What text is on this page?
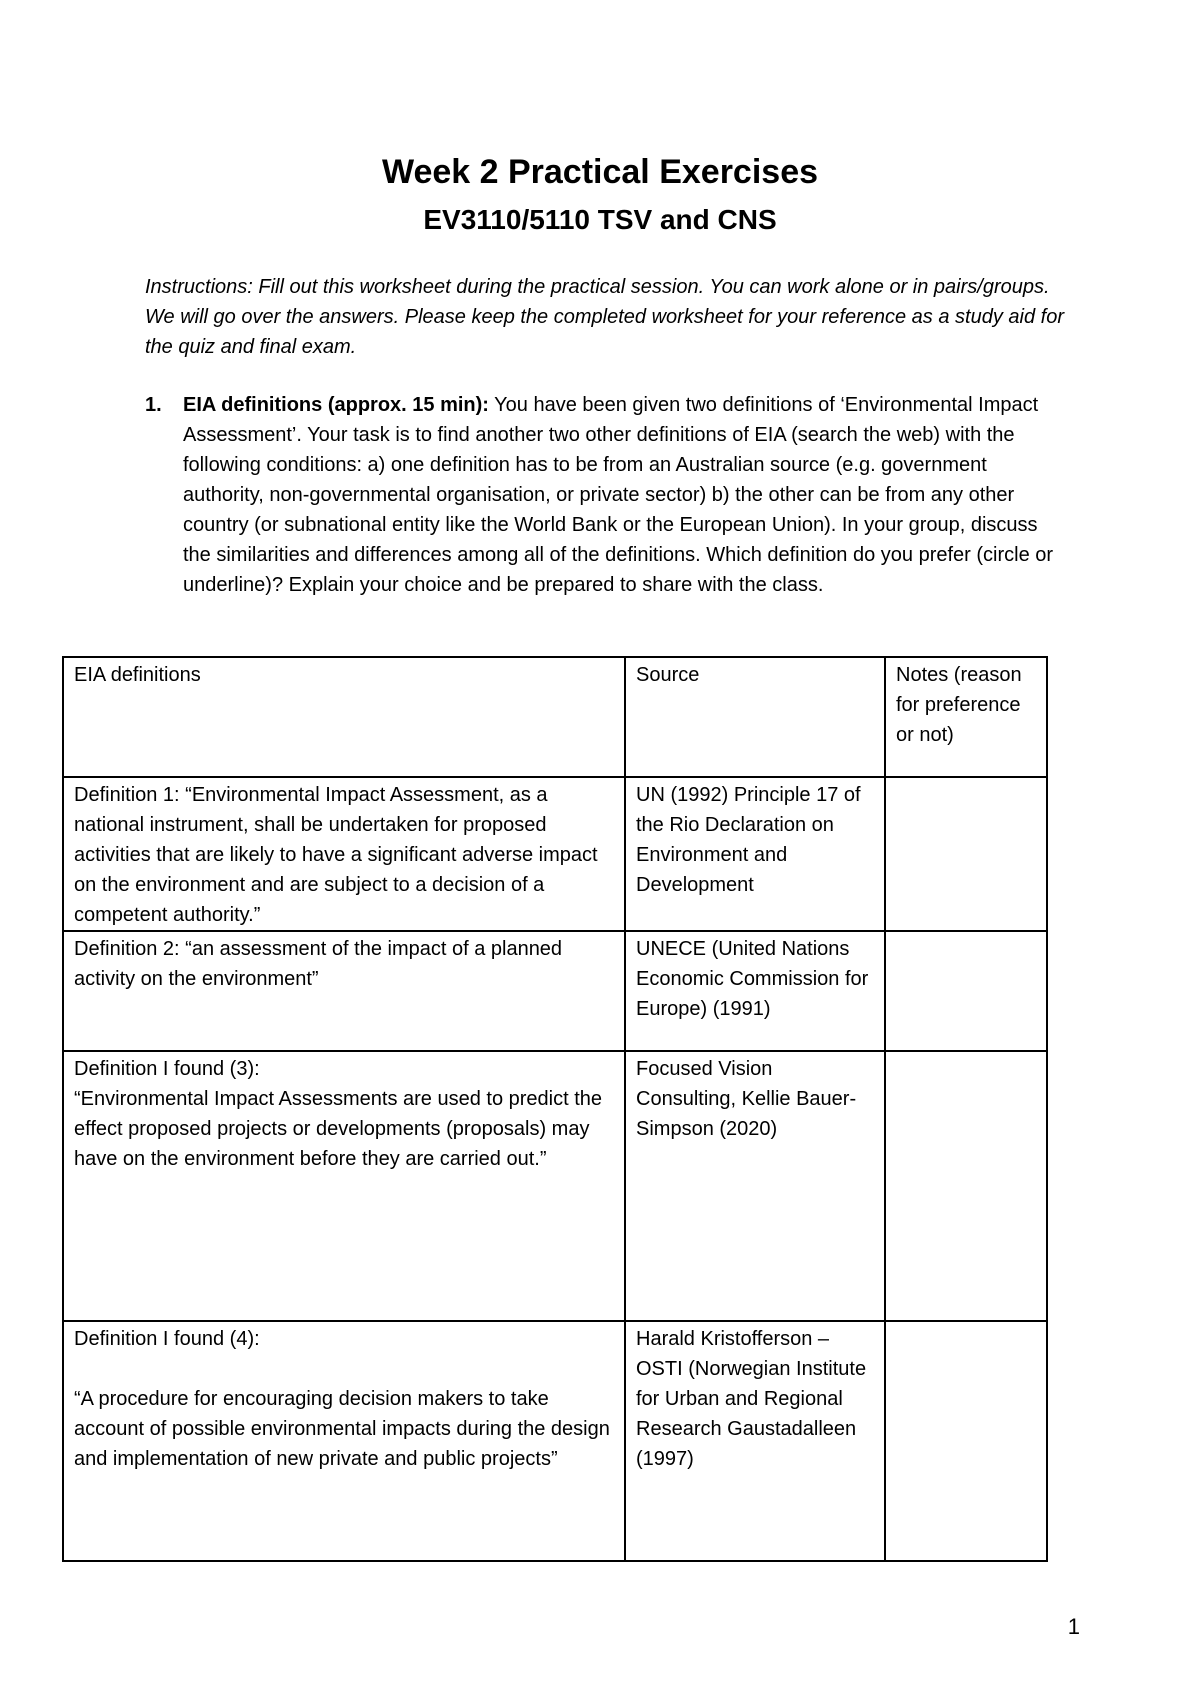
Week 2 Practical Exercises
EV3110/5110 TSV and CNS
Instructions: Fill out this worksheet during the practical session. You can work alone or in pairs/groups. We will go over the answers. Please keep the completed worksheet for your reference as a study aid for the quiz and final exam.
1. EIA definitions (approx. 15 min): You have been given two definitions of ‘Environmental Impact Assessment’. Your task is to find another two other definitions of EIA (search the web) with the following conditions: a) one definition has to be from an Australian source (e.g. government authority, non-governmental organisation, or private sector) b) the other can be from any other country (or subnational entity like the World Bank or the European Union). In your group, discuss the similarities and differences among all of the definitions. Which definition do you prefer (circle or underline)? Explain your choice and be prepared to share with the class.
EIA definitions	Source	Notes (reason for preference or not)
Definition 1: “Environmental Impact Assessment, as a national instrument, shall be undertaken for proposed activities that are likely to have a significant adverse impact on the environment and are subject to a decision of a competent authority.”	UN (1992) Principle 17 of the Rio Declaration on Environment and Development	
Definition 2: “an assessment of the impact of a planned activity on the environment”	UNECE (United Nations Economic Commission for Europe) (1991)	

Definition I found (3):
“Environmental Impact Assessments are used to predict the effect proposed projects or developments (proposals) may have on the environment before they are carried out.”	Focused Vision Consulting, Kellie Bauer-Simpson (2020)	

Definition I found (4):
“A procedure for encouraging decision makers to take account of possible environmental impacts during the design and implementation of new private and public projects”	Harald Kristofferson – OSTI (Norwegian Institute for Urban and Regional Research Gaustadalleen (1997)	
1
